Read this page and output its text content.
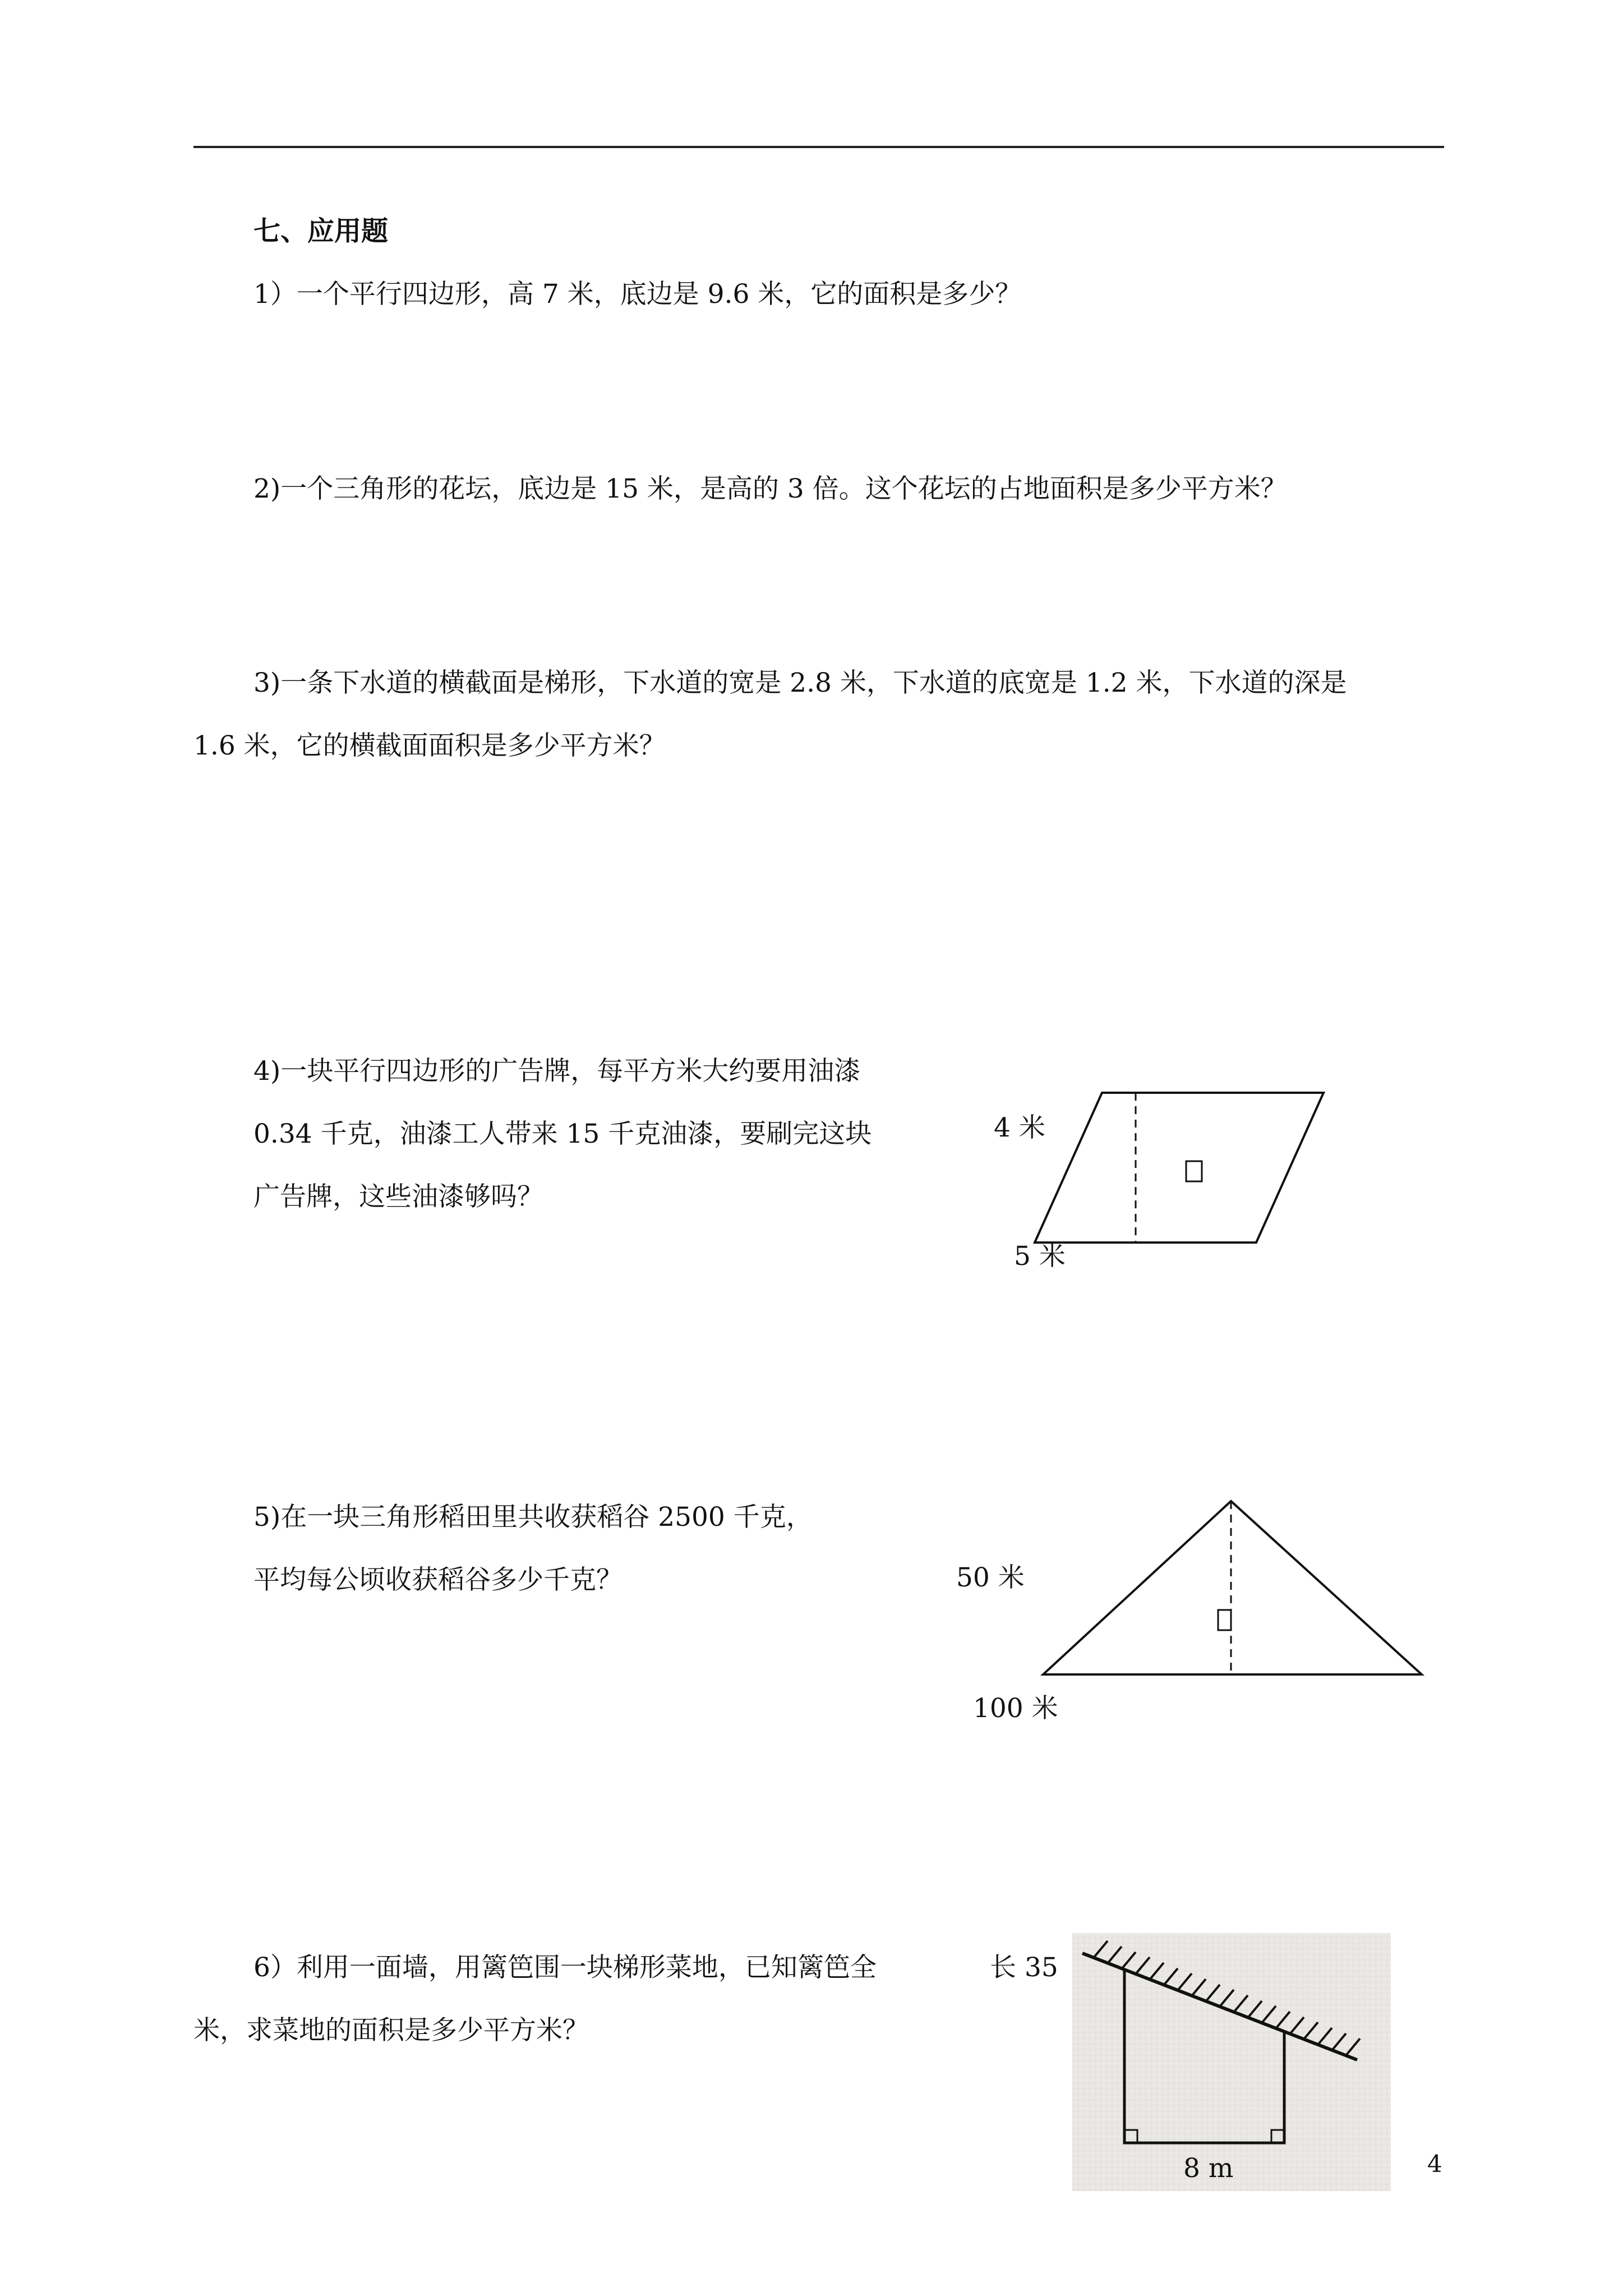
七、应用题
1）一个平行四边形，高 7 米，底边是 9.6 米，它的面积是多少？
2)一个三角形的花坛，底边是 15 米，是高的 3 倍。这个花坛的占地面积是多少平方米？
3)一条下水道的横截面是梯形，下水道的宽是 2.8 米，下水道的底宽是 1.2 米，下水道的深是
1.6 米，它的横截面面积是多少平方米？
4)一块平行四边形的广告牌，每平方米大约要用油漆
0.34 千克，油漆工人带来 15 千克油漆，要刷完这块
广告牌，这些油漆够吗？
5)在一块三角形稻田里共收获稻谷 2500 千克，
平均每公顷收获稻谷多少千克？
6）利用一面墙，用篱笆围一块梯形菜地，已知篱笆全	长 35
米，求菜地的面积是多少平方米？
4 米
5 米
50 米
100 米
8 m	4
